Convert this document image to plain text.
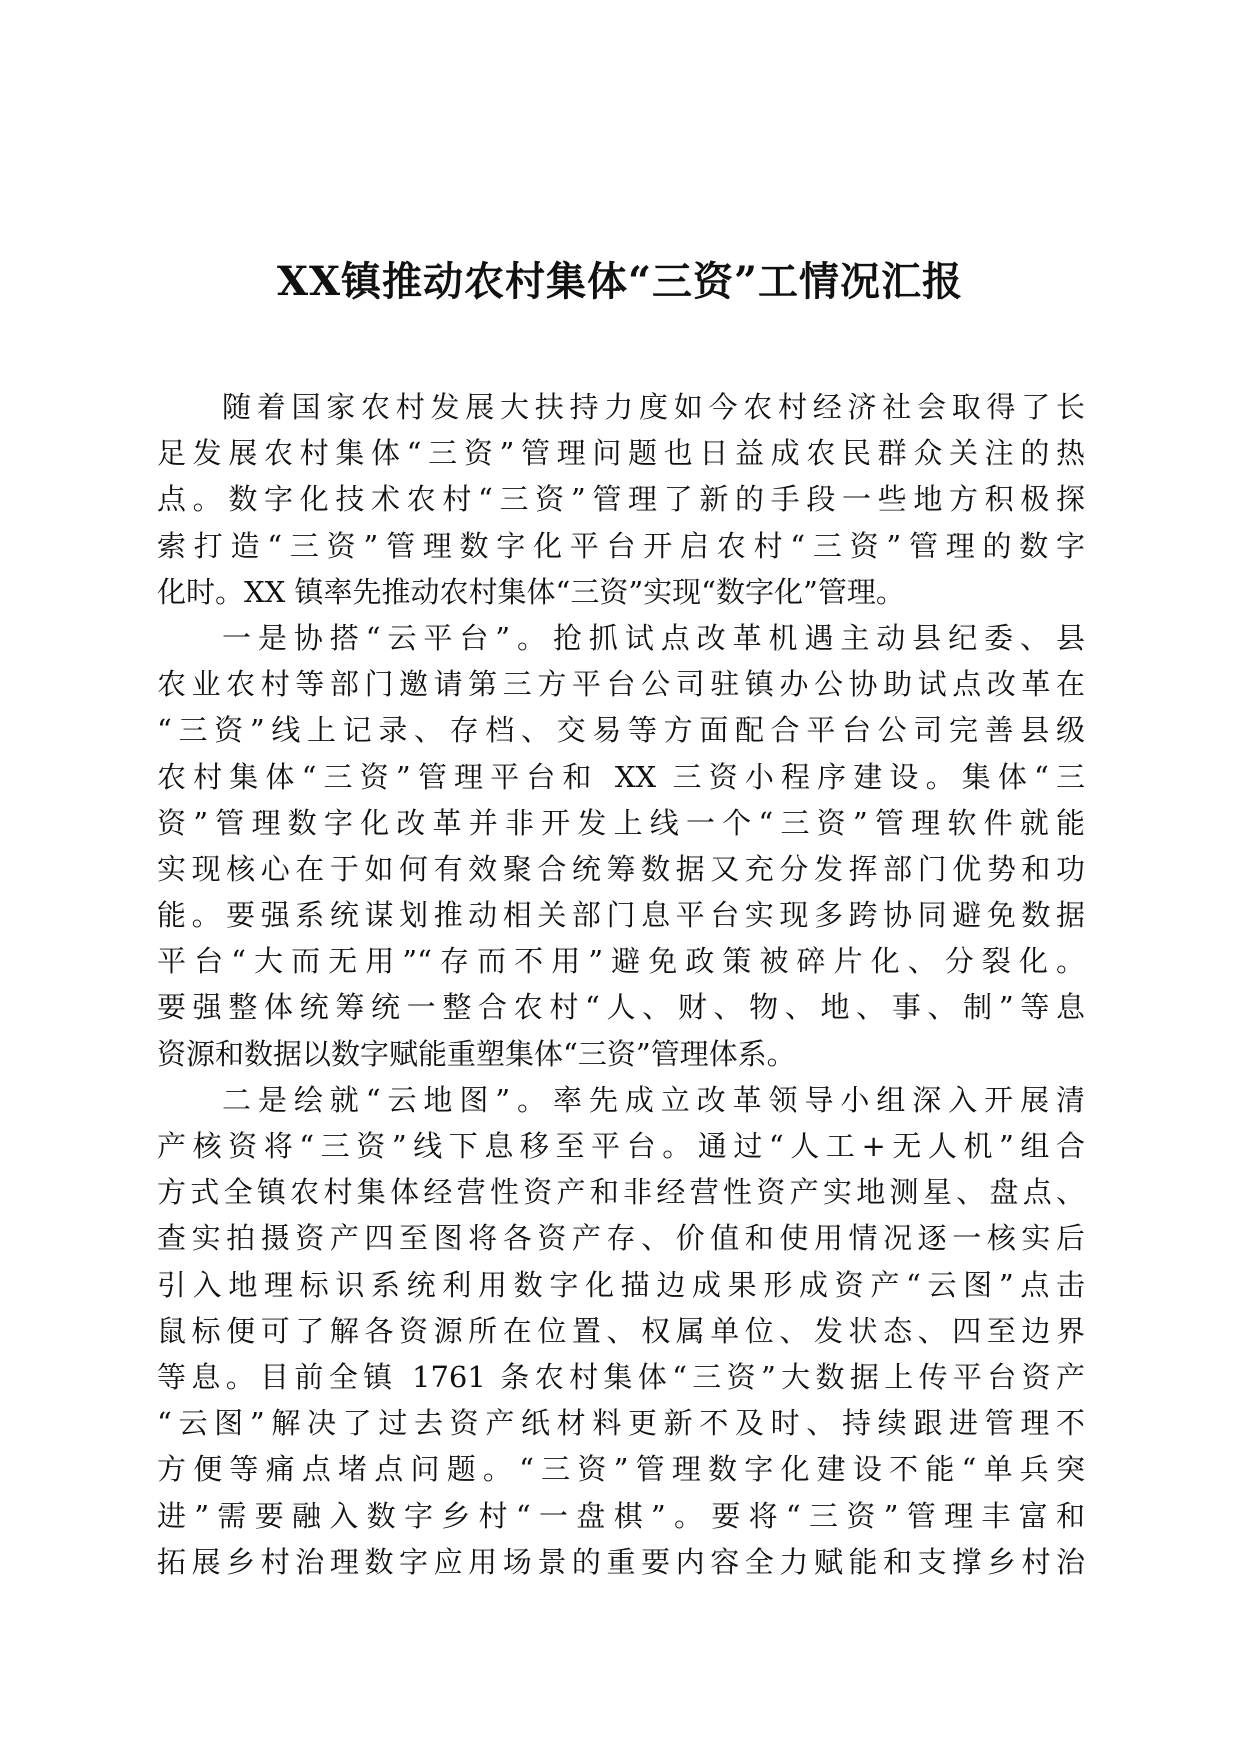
XX镇推动农村集体“三资”工情况汇报
随着国家农村发展大扶持力度如今农村经济社会取得了长
足发展农村集体“三资”管理问题也日益成农民群众关注的热
点。数字化技术农村“三资”管理了新的手段一些地方积极探
索打造“三资”管理数字化平台开启农村“三资”管理的数字
化时。XX 镇率先推动农村集体“三资”实现“数字化”管理。
一是协搭“云平台”。抢抓试点改革机遇主动县纪委、县
农业农村等部门邀请第三方平台公司驻镇办公协助试点改革在
“三资”线上记录、存档、交易等方面配合平台公司完善县级
农村集体“三资”管理平台和 XX 三资小程序建设。集体“三
资”管理数字化改革并非开发上线一个“三资”管理软件就能
实现核心在于如何有效聚合统筹数据又充分发挥部门优势和功
能。要强系统谋划推动相关部门息平台实现多跨协同避免数据
平台“大而无用”“存而不用”避免政策被碎片化、分裂化。
要强整体统筹统一整合农村“人、财、物、地、事、制”等息
资源和数据以数字赋能重塑集体“三资”管理体系。
二是绘就“云地图”。率先成立改革领导小组深入开展清
产核资将“三资”线下息移至平台。通过“人工+无人机”组合
方式全镇农村集体经营性资产和非经营性资产实地测星、盘点、
查实拍摄资产四至图将各资产存、价值和使用情况逐一核实后
引入地理标识系统利用数字化描边成果形成资产“云图”点击
鼠标便可了解各资源所在位置、权属单位、发状态、四至边界
等息。目前全镇 1761 条农村集体“三资”大数据上传平台资产
“云图”解决了过去资产纸材料更新不及时、持续跟进管理不
方便等痛点堵点问题。“三资”管理数字化建设不能“单兵突
进”需要融入数字乡村“一盘棋”。要将“三资”管理丰富和
拓展乡村治理数字应用场景的重要内容全力赋能和支撑乡村治
